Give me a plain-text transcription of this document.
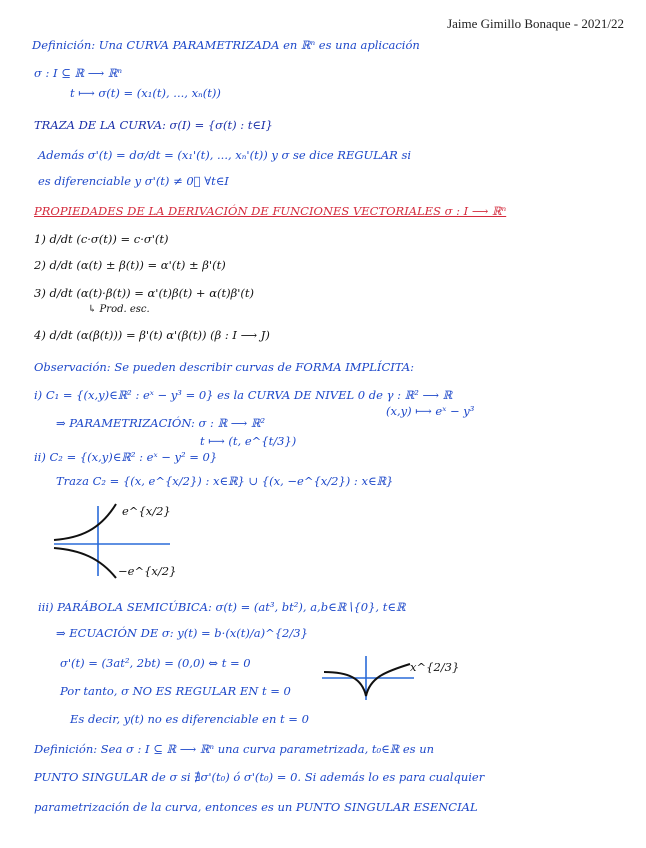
Jaime Gimillo Bonaque - 2021/22
Definición: Una CURVA PARAMETRIZADA en ℝⁿ es una aplicación
σ : I ⊆ ℝ ⟶ ℝⁿ
t ⟼ σ(t) = (x₁(t), ..., xₙ(t))
TRAZA DE LA CURVA: σ(I) = {σ(t) : t∈I}
Además σ'(t) = dσ/dt = (x₁'(t), ..., xₙ'(t)) y σ se dice REGULAR si
es diferenciable y σ'(t) ≠ 0⃗ ∀t∈I
PROPIEDADES DE LA DERIVACIÓN DE FUNCIONES VECTORIALES σ : I ⟶ ℝⁿ
1) d/dt (c·σ(t)) = c·σ'(t)
2) d/dt (α(t) ± β(t)) = α'(t) ± β'(t)
3) d/dt (α(t)·β(t)) = α'(t)β(t) + α(t)β'(t)
↳ Prod. esc.
4) d/dt (α(β(t))) = β'(t) α'(β(t)) (β : I ⟶ J)
Observación: Se pueden describir curvas de FORMA IMPLÍCITA:
i) C₁ = {(x,y)∈ℝ² : eˣ − y³ = 0} es la CURVA DE NIVEL 0 de γ : ℝ² ⟶ ℝ
(x,y) ⟼ eˣ − y³
⇒ PARAMETRIZACIÓN: σ : ℝ ⟶ ℝ²
t ⟼ (t, e^{t/3})
ii) C₂ = {(x,y)∈ℝ² : eˣ − y² = 0}
Traza C₂ = {(x, e^{x/2}) : x∈ℝ} ∪ {(x, −e^{x/2}) : x∈ℝ}
e^{x/2}
−e^{x/2}
iii) PARÁBOLA SEMICÚBICA: σ(t) = (at³, bt²), a,b∈ℝ∖{0}, t∈ℝ
⇒ ECUACIÓN DE σ: y(t) = b·(x(t)/a)^{2/3}
σ'(t) = (3at², 2bt) = (0,0) ⇔ t = 0	x^{2/3}
Por tanto, σ NO ES REGULAR EN t = 0
Es decir, y(t) no es diferenciable en t = 0
Definición: Sea σ : I ⊆ ℝ ⟶ ℝⁿ una curva parametrizada, t₀∈ℝ es un
PUNTO SINGULAR de σ si ∄σ'(t₀) ó σ'(t₀) = 0. Si además lo es para cualquier
parametrización de la curva, entonces es un PUNTO SINGULAR ESENCIAL
